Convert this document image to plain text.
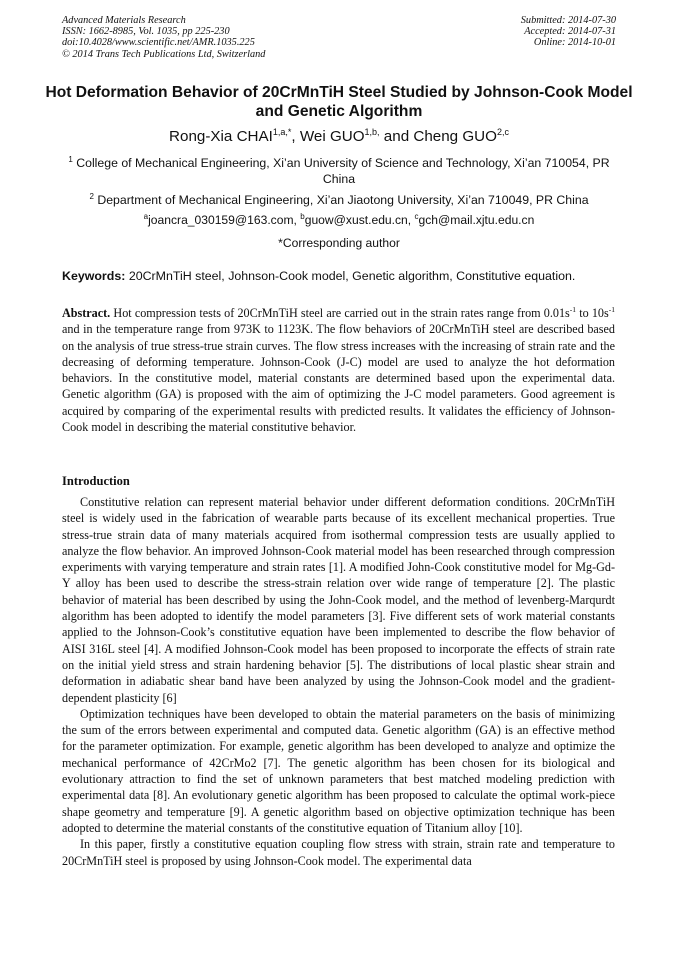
Advanced Materials Research
ISSN: 1662-8985, Vol. 1035, pp 225-230
doi:10.4028/www.scientific.net/AMR.1035.225
© 2014 Trans Tech Publications Ltd, Switzerland
Submitted: 2014-07-30
Accepted: 2014-07-31
Online: 2014-10-01
Hot Deformation Behavior of 20CrMnTiH Steel Studied by Johnson-Cook Model and Genetic Algorithm
Rong-Xia $CHAI^{1,a,*}$, Wei $GUO^{1,b,}$ and Cheng GUO$^{2,c}$
$^1$ College of Mechanical Engineering, Xi’an University of Science and Technology, Xi’an 710054, PR China
$^2$ Department of Mechanical Engineering, Xi’an Jiaotong University, Xi’an 710049, PR China
$^a$joancra_030159@163.com, $^b$guow@xust.edu.cn, $^c$gch@mail.xjtu.edu.cn
*Corresponding author
Keywords: 20CrMnTiH steel, Johnson-Cook model, Genetic algorithm, Constitutive equation.

Abstract. Hot compression tests of 20CrMnTiH steel are carried out in the strain rates range from $0.01s^{-1}$ to $10s^{-1}$ and in the temperature range from 973K to 1123K. The flow behaviors of 20CrMnTiH steel are described based on the analysis of true stress-true strain curves. The flow stress increases with the increasing of strain rate and the decreasing of deforming temperature. Johnson-Cook (J-C) model are used to analyze the hot deformation behaviors. In the constitutive model, material constants are determined based upon the experimental data. Genetic algorithm (GA) is proposed with the aim of optimizing the J-C model parameters. Good agreement is acquired by comparing of the experimental results with predicted results. It validates the efficiency of Johnson-Cook model in describing the material constitutive behavior.

Introduction

Constitutive relation can represent material behavior under different deformation conditions. 20CrMnTiH steel is widely used in the fabrication of wearable parts because of its excellent mechanical properties. True stress-true strain data of many materials acquired from isothermal compression tests are usually applied to analyze the flow behavior. An improved Johnson-Cook material model has been researched through compression experiments with varying temperature and strain rates [1]. A modified John-Cook constitutive model for Mg-Gd-Y alloy has been used to describe the stress-strain relation over wide range of temperature [2]. The plastic behavior of material has been described by using the John-Cook model, and the method of levenberg-Marqurdt algorithm has been adopted to identify the model parameters [3]. Five different sets of work material constants applied to the Johnson-Cook’s constitutive equation have been implemented to describe the flow behavior of AISI 316L steel [4]. A modified Johnson-Cook model has been proposed to incorporate the effects of strain rate on the initial yield stress and strain hardening behavior [5]. The distributions of local plastic shear strain and deformation in adiabatic shear band have been analyzed by using the Johnson-Cook model and the gradient-dependent plasticity [6]

Optimization techniques have been developed to obtain the material parameters on the basis of minimizing the sum of the errors between experimental and computed data. Genetic algorithm (GA) is an effective method for the parameter optimization. For example, genetic algorithm has been developed to analyze and optimize the mechanical performance of 42CrMo2 [7]. The genetic algorithm has been chosen for its biological and evolutionary attraction to find the set of unknown parameters that best matched modeling prediction with experimental data [8]. An evolutionary genetic algorithm has been proposed to calculate the optimal work-piece shape geometry and temperature [9]. A genetic algorithm based on objective optimization technique has been adopted to determine the material constants of the constitutive equation of Titanium alloy [10].

In this paper, firstly a constitutive equation coupling flow stress with strain, strain rate and temperature to 20CrMnTiH steel is proposed by using Johnson-Cook model. The experimental data
